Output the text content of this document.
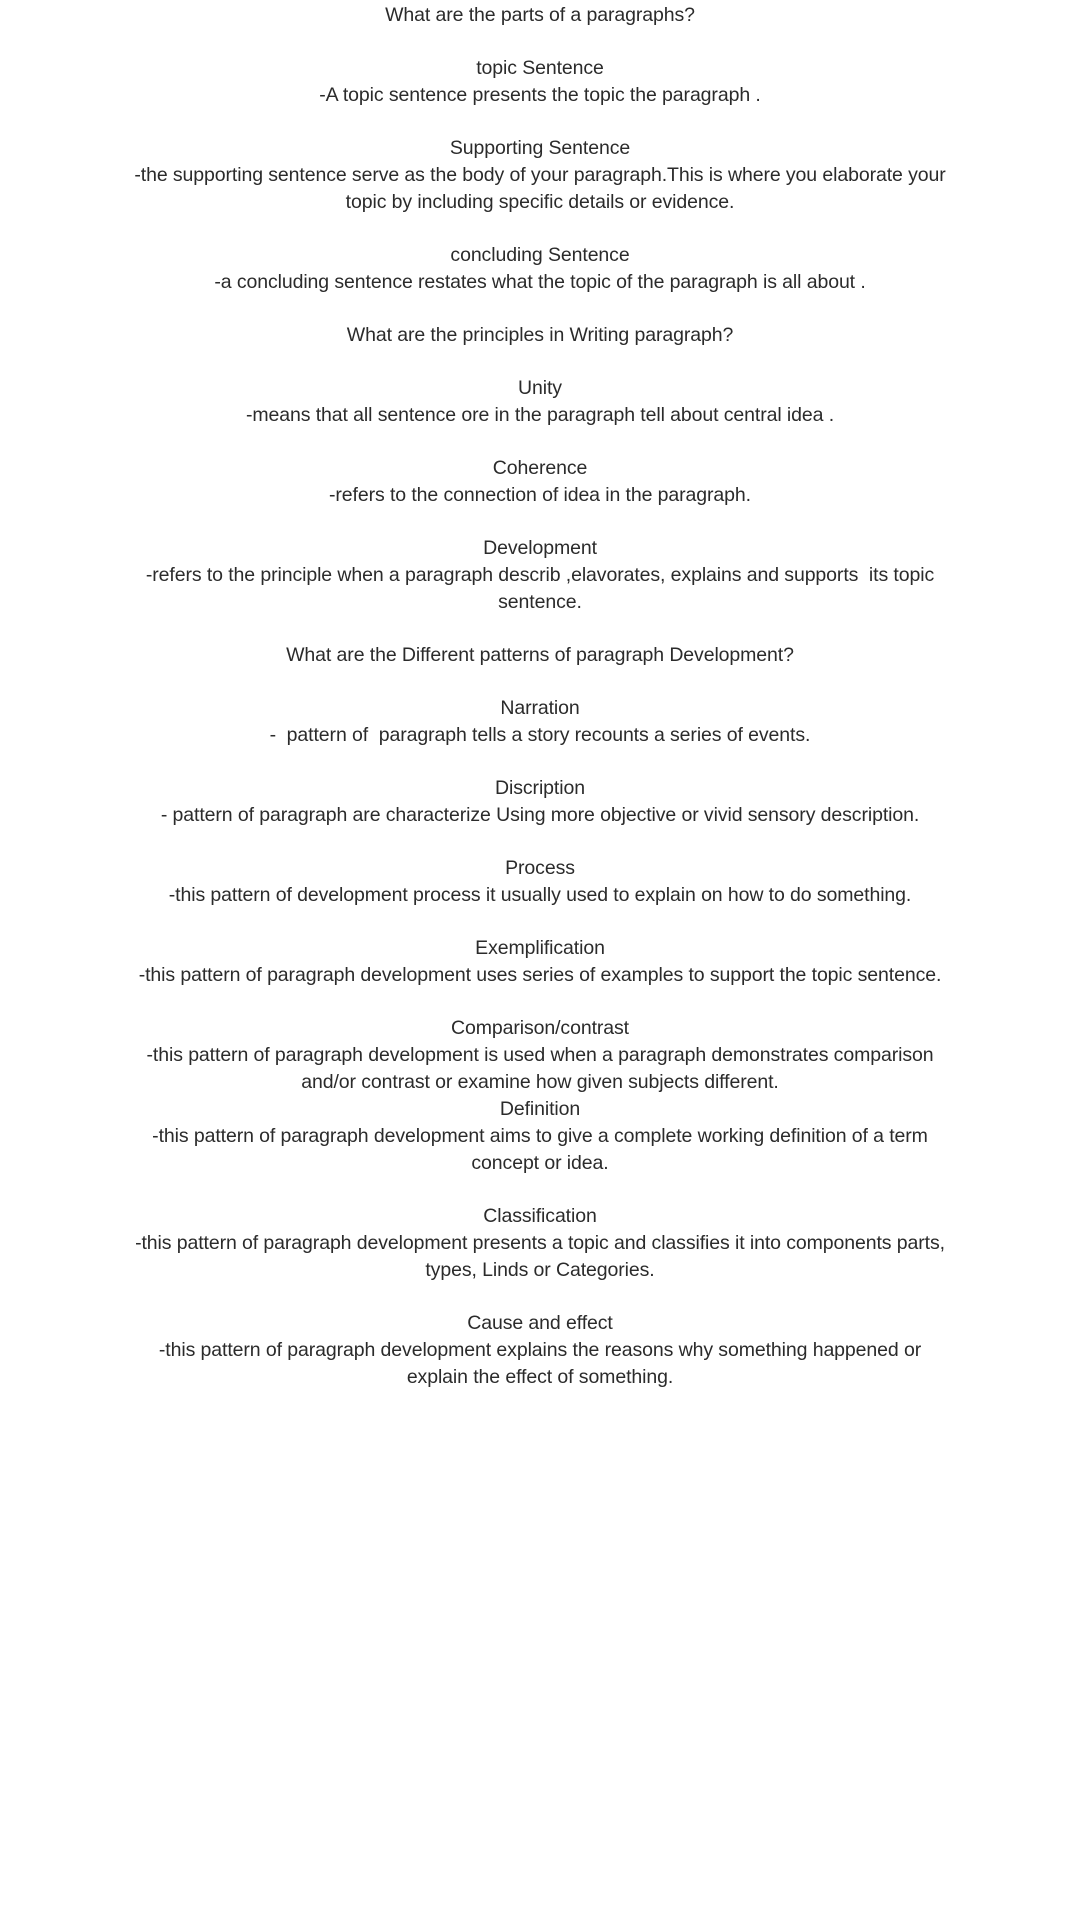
What are the parts of a paragraphs?
topic Sentence
-A topic sentence presents the topic the paragraph .
Supporting Sentence
-the supporting sentence serve as the body of your paragraph.This is where you elaborate your
topic by including specific details or evidence.
concluding Sentence
-a concluding sentence restates what the topic of the paragraph is all about .
What are the principles in Writing paragraph?
Unity
-means that all sentence ore in the paragraph tell about central idea .
Coherence
-refers to the connection of idea in the paragraph.
Development
-refers to the principle when a paragraph describ ,elavorates, explains and supports  its topic
sentence.
What are the Different patterns of paragraph Development?
Narration
-  pattern of  paragraph tells a story recounts a series of events.
Discription
- pattern of paragraph are characterize Using more objective or vivid sensory description.
Process
-this pattern of development process it usually used to explain on how to do something.
Exemplification
-this pattern of paragraph development uses series of examples to support the topic sentence.
Comparison/contrast
-this pattern of paragraph development is used when a paragraph demonstrates comparison
and/or contrast or examine how given subjects different.
Definition
-this pattern of paragraph development aims to give a complete working definition of a term
concept or idea.
Classification
-this pattern of paragraph development presents a topic and classifies it into components parts,
types, Linds or Categories.
Cause and effect
-this pattern of paragraph development explains the reasons why something happened or
explain the effect of something.
